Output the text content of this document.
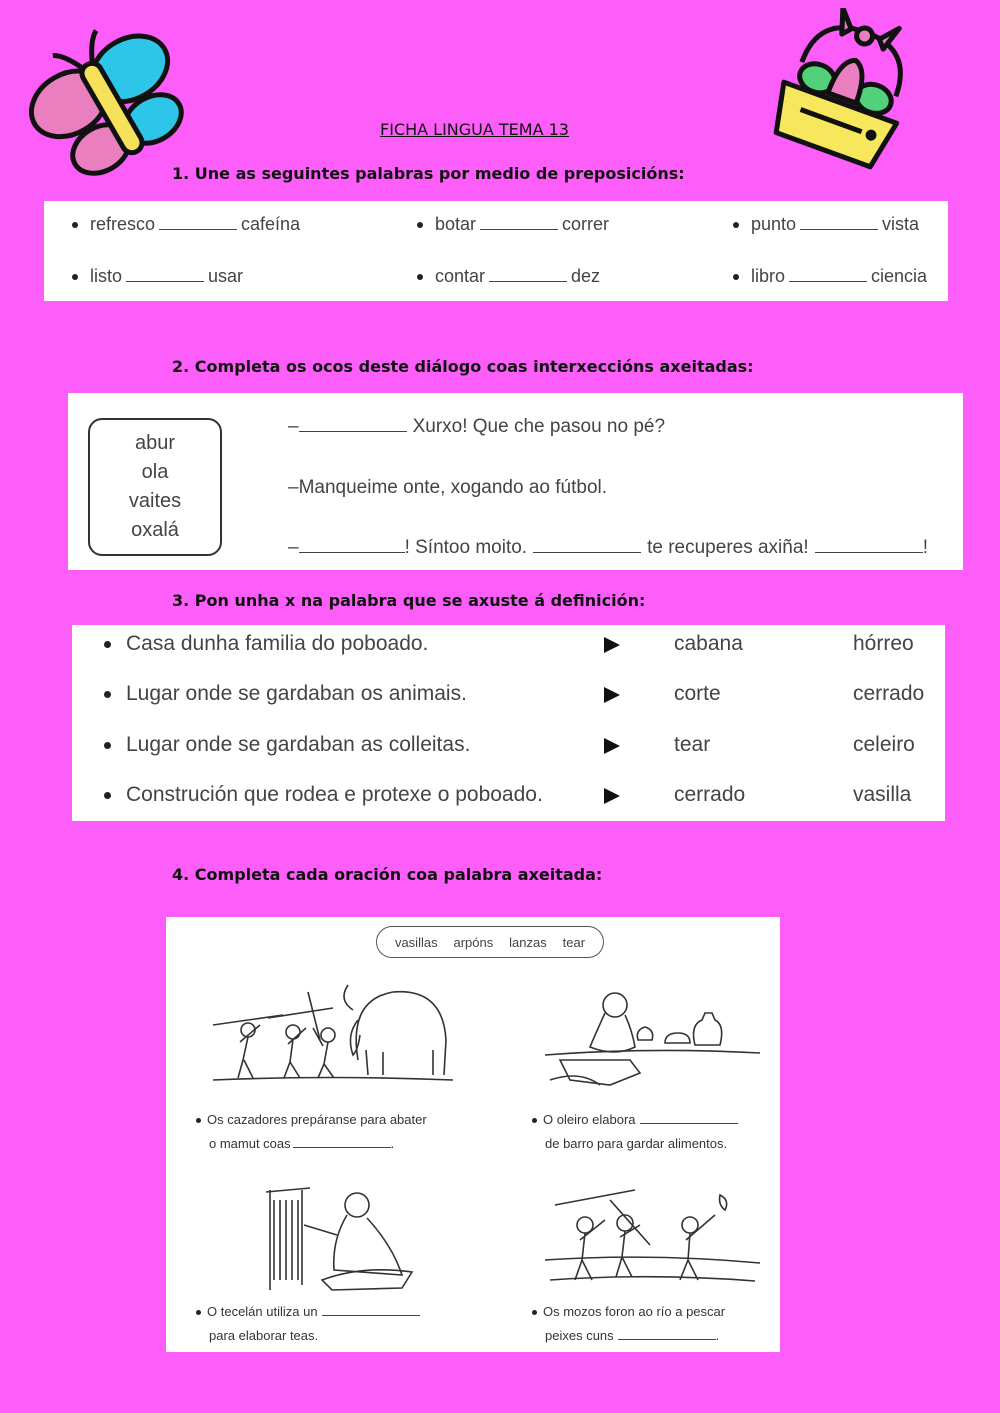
FICHA LINGUA TEMA 13
1. Une as seguintes palabras por medio de preposicións:
refresco	cafeína	botar	correr	punto	vista
listo	usar	contar	dez	libro	ciencia
2. Completa os ocos deste diálogo coas interxeccións axeitadas:
abur
ola
vaites
oxalá
–	Xurxo! Que che pasou no pé?
–Manqueime onte, xogando ao fútbol.
–	! Síntoo moito.	te recuperes axiña!	!
3. Pon unha x na palabra que se axuste á definición:
Casa dunha familia do poboado.	cabana	hórreo
Lugar onde se gardaban os animais.	corte	cerrado
Lugar onde se gardaban as colleitas.	tear	celeiro
Construción que rodea e protexe o poboado.	cerrado	vasilla
4. Completa cada oración coa palabra axeitada:
vasillas arpóns lanzas tear
Os cazadores prepáranse para abater
o mamut coas	.
O oleiro elabora
de barro para gardar alimentos.
O tecelán utiliza un
para elaborar teas.
Os mozos foron ao río a pescar
peixes cuns	.
